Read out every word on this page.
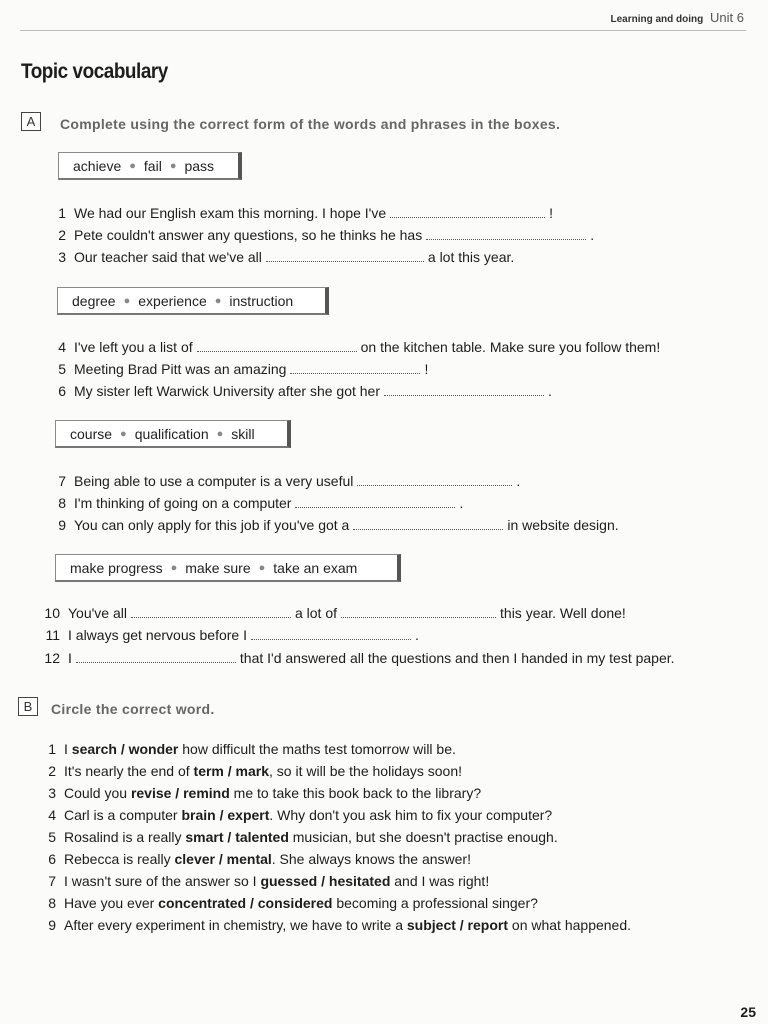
Learning and doing Unit 6
Topic vocabulary
A	Complete using the correct form of the words and phrases in the boxes.
achieve ● fail ● pass
degree ● experience ● instruction
course ● qualification ● skill
make progress ● make sure ● take an exam
1 We had our English exam this morning. I hope I've	!
2 Pete couldn't answer any questions, so he thinks he has	.
3 Our teacher said that we've all	a lot this year.
4 I've left you a list of	on the kitchen table. Make sure you follow them!
5 Meeting Brad Pitt was an amazing	!
6 My sister left Warwick University after she got her	.
7 Being able to use a computer is a very useful	.
8 I'm thinking of going on a computer	.
9 You can only apply for this job if you've got a	in website design.
10 You've all	a lot of	this year. Well done!
11 I always get nervous before I	.
12 I	that I'd answered all the questions and then I handed in my test paper.
B	Circle the correct word.
1 I search / wonder how difficult the maths test tomorrow will be.
2 It's nearly the end of term / mark, so it will be the holidays soon!
3 Could you revise / remind me to take this book back to the library?
4 Carl is a computer brain / expert. Why don't you ask him to fix your computer?
5 Rosalind is a really smart / talented musician, but she doesn't practise enough.
6 Rebecca is really clever / mental. She always knows the answer!
7 I wasn't sure of the answer so I guessed / hesitated and I was right!
8 Have you ever concentrated / considered becoming a professional singer?
9 After every experiment in chemistry, we have to write a subject / report on what happened.
25
